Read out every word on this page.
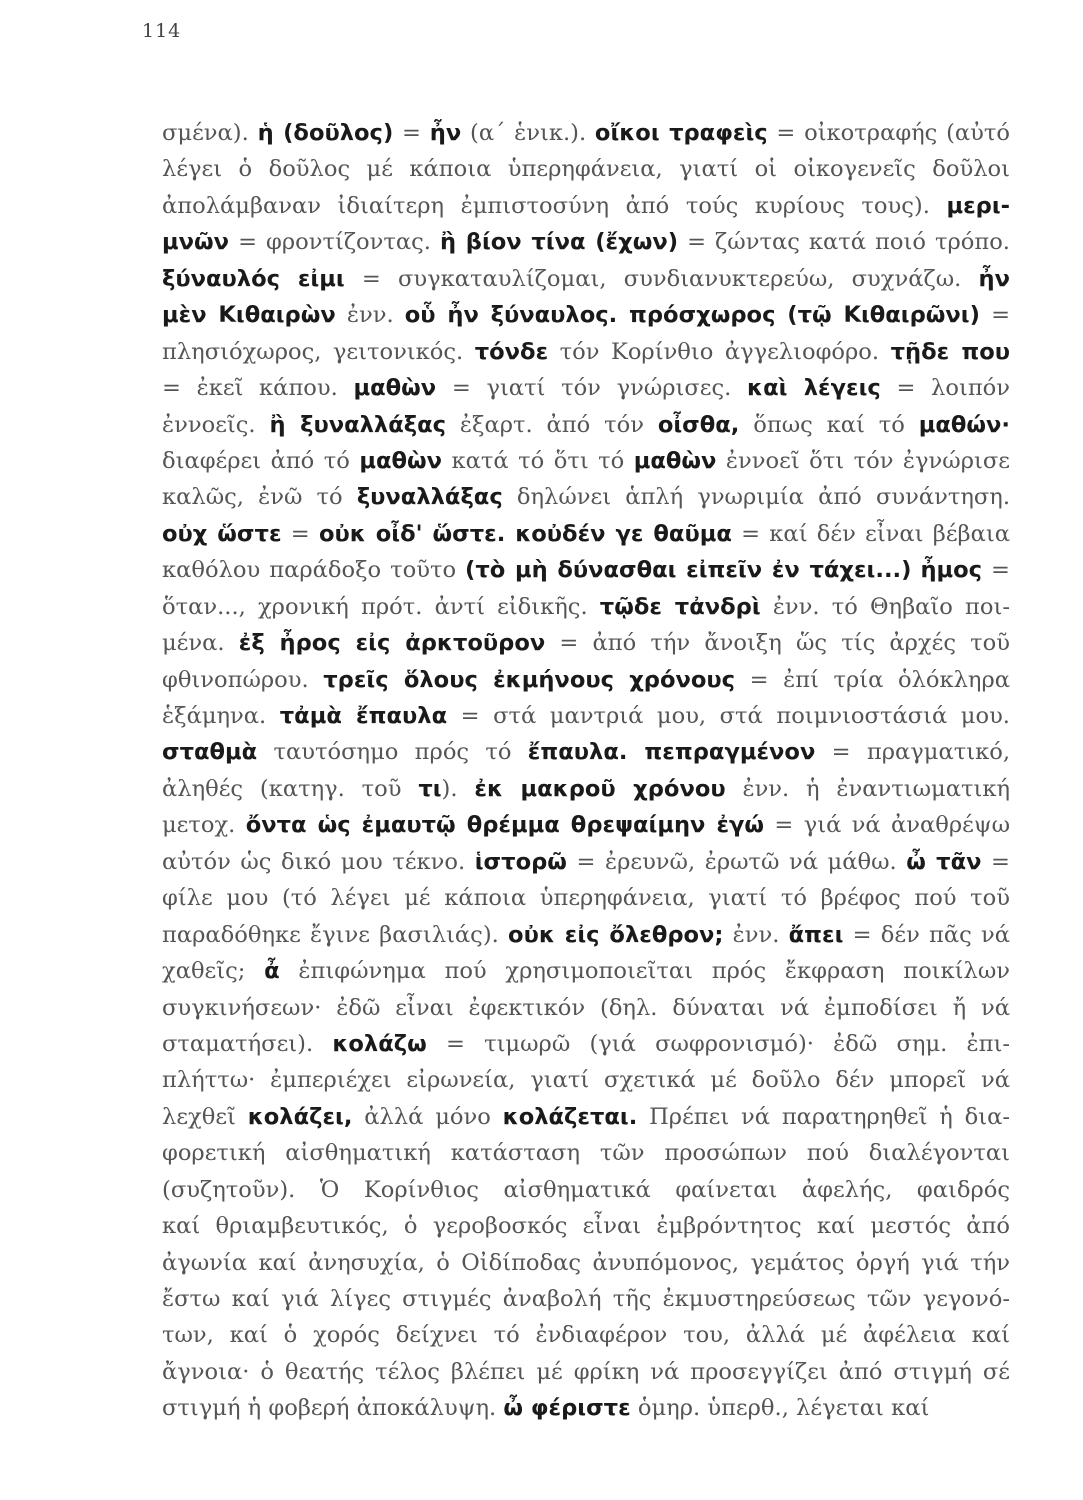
114
σμένα). ἡ (δοῦλος) = ἦν (α΄ ἑνικ.). οἴκοι τραφεὶς = οἰκοτραφής (αὐτό
λέγει ὁ δοῦλος μέ κάποια ὑπερηφάνεια, γιατί οἱ οἰκογενεῖς δοῦλοι
ἀπολάμβαναν ἰδιαίτερη ἐμπιστοσύνη ἀπό τούς κυρίους τους). μερι-
μνῶν = φροντίζοντας. ἢ βίον τίνα (ἔχων) = ζώντας κατά ποιό τρόπο.
ξύναυλός εἰμι = συγκαταυλίζομαι, συνδιανυκτερεύω, συχνάζω. ἦν
μὲν Κιθαιρὼν ἐνν. οὗ ἦν ξύναυλος. πρόσχωρος (τῷ Κιθαιρῶνι) =
πλησιόχωρος, γειτονικός. τόνδε τόν Κορίνθιο ἀγγελιοφόρο. τῇδε που
= ἐκεῖ κάπου. μαθὼν = γιατί τόν γνώρισες. καὶ λέγεις = λοιπόν
ἐννοεῖς. ἢ ξυναλλάξας ἐξαρτ. ἀπό τόν οἶσθα, ὅπως καί τό μαθών·
διαφέρει ἀπό τό μαθὼν κατά τό ὅτι τό μαθὼν ἐννοεῖ ὅτι τόν ἐγνώρισε
καλῶς, ἐνῶ τό ξυναλλάξας δηλώνει ἁπλή γνωριμία ἀπό συνάντηση.
οὐχ ὥστε = οὐκ οἶδ' ὥστε. κοὐδέν γε θαῦμα = καί δέν εἶναι βέβαια
καθόλου παράδοξο τοῦτο (τὸ μὴ δύνασθαι εἰπεῖν ἐν τάχει...) ἦμος =
ὅταν..., χρονική πρότ. ἀντί εἰδικῆς. τῷδε τἀνδρὶ ἐνν. τό Θηβαῖο ποι-
μένα. ἐξ ἦρος εἰς ἀρκτοῦρον = ἀπό τήν ἄνοιξη ὥς τίς ἀρχές τοῦ
φθινοπώρου. τρεῖς ὅλους ἐκμήνους χρόνους = ἐπί τρία ὁλόκληρα
ἑξάμηνα. τἀμὰ ἔπαυλα = στά μαντριά μου, στά ποιμνιοστάσιά μου.
σταθμὰ ταυτόσημο πρός τό ἔπαυλα. πεπραγμένον = πραγματικό,
ἀληθές (κατηγ. τοῦ τι). ἐκ μακροῦ χρόνου ἐνν. ἡ ἐναντιωματική
μετοχ. ὄντα ὡς ἐμαυτῷ θρέμμα θρεψαίμην ἐγώ = γιά νά ἀναθρέψω
αὐτόν ὡς δικό μου τέκνο. ἱστορῶ = ἐρευνῶ, ἐρωτῶ νά μάθω. ὦ τᾶν =
φίλε μου (τό λέγει μέ κάποια ὑπερηφάνεια, γιατί τό βρέφος πού τοῦ
παραδόθηκε ἔγινε βασιλιάς). οὐκ εἰς ὄλεθρον; ἐνν. ἄπει = δέν πᾶς νά
χαθεῖς; ἆ ἐπιφώνημα πού χρησιμοποιεῖται πρός ἔκφραση ποικίλων
συγκινήσεων· ἐδῶ εἶναι ἐφεκτικόν (δηλ. δύναται νά ἐμποδίσει ἤ νά
σταματήσει). κολάζω = τιμωρῶ (γιά σωφρονισμό)· ἐδῶ σημ. ἐπι-
πλήττω· ἐμπεριέχει εἰρωνεία, γιατί σχετικά μέ δοῦλο δέν μπορεῖ νά
λεχθεῖ κολάζει, ἀλλά μόνο κολάζεται. Πρέπει νά παρατηρηθεῖ ἡ δια-
φορετική αἰσθηματική κατάσταση τῶν προσώπων πού διαλέγονται
(συζητοῦν). Ὁ Κορίνθιος αἰσθηματικά φαίνεται ἀφελής, φαιδρός
καί θριαμβευτικός, ὁ γεροβοσκός εἶναι ἐμβρόντητος καί μεστός ἀπό
ἀγωνία καί ἀνησυχία, ὁ Οἰδίποδας ἀνυπόμονος, γεμάτος ὀργή γιά τήν
ἔστω καί γιά λίγες στιγμές ἀναβολή τῆς ἐκμυστηρεύσεως τῶν γεγονό-
των, καί ὁ χορός δείχνει τό ἐνδιαφέρον του, ἀλλά μέ ἀφέλεια καί
ἄγνοια· ὁ θεατής τέλος βλέπει μέ φρίκη νά προσεγγίζει ἀπό στιγμή σέ
στιγμή ἡ φοβερή ἀποκάλυψη. ὦ φέριστε ὁμηρ. ὑπερθ., λέγεται καί
